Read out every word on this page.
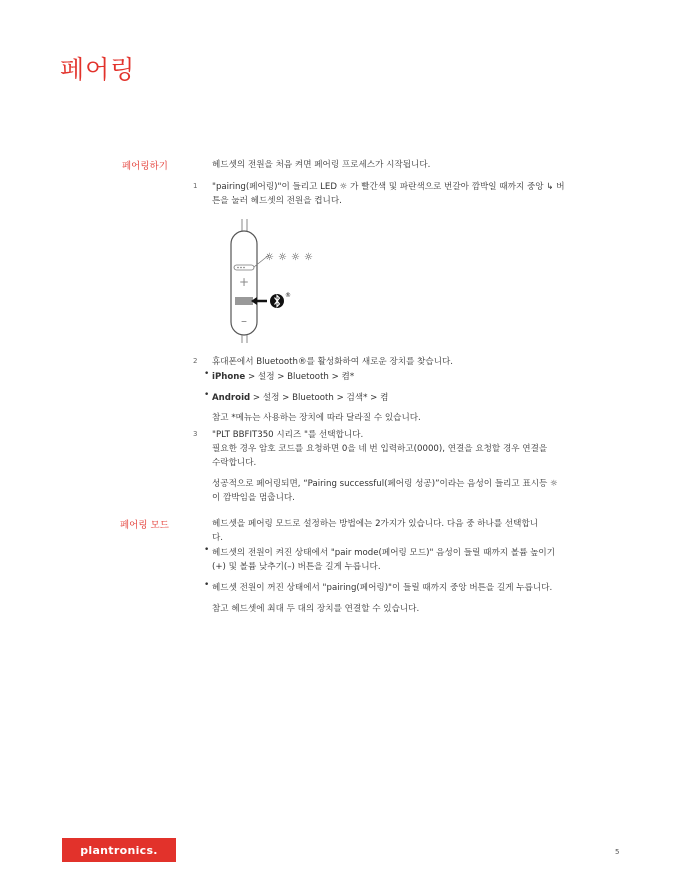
페어링
페어링하기	헤드셋의 전원을 처음 켜면 페어링 프로세스가 시작됩니다.
1 "pairing(페어링)"이 들리고 LED ☼ 가 빨간색 및 파란색으로 번갈아 깜박일 때까지 중앙 ↳ 버
튼을 눌러 헤드셋의 전원을 켭니다.
☼ ☼ ☼ ☼
+
®
–
2 휴대폰에서 Bluetooth®를 활성화하여 새로운 장치를 찾습니다.
• iPhone > 설정 > Bluetooth > 켬*
• Android > 설정 > Bluetooth > 검색* > 켬
참고 *메뉴는 사용하는 장치에 따라 달라질 수 있습니다.
3 "PLT BBFIT350 시리즈 "를 선택합니다.
필요한 경우 암호 코드를 요청하면 0을 네 번 입력하고(0000), 연결을 요청할 경우 연결을
수락합니다.
성공적으로 페어링되면, “Pairing successful(페어링 성공)”이라는 음성이 들리고 표시등 ☼
이 깜박임을 멈춥니다.
페어링 모드	헤드셋을 페어링 모드로 설정하는 방법에는 2가지가 있습니다. 다음 중 하나를 선택합니
다.
• 헤드셋의 전원이 켜진 상태에서 "pair mode(페어링 모드)" 음성이 들릴 때까지 볼륨 높이기
(+) 및 볼륨 낮추기(–) 버튼을 길게 누릅니다.
• 헤드셋 전원이 꺼진 상태에서 "pairing(페어링)"이 들릴 때까지 중앙 버튼을 길게 누릅니다.
참고 헤드셋에 최대 두 대의 장치를 연결할 수 있습니다.
plantronics.	5
